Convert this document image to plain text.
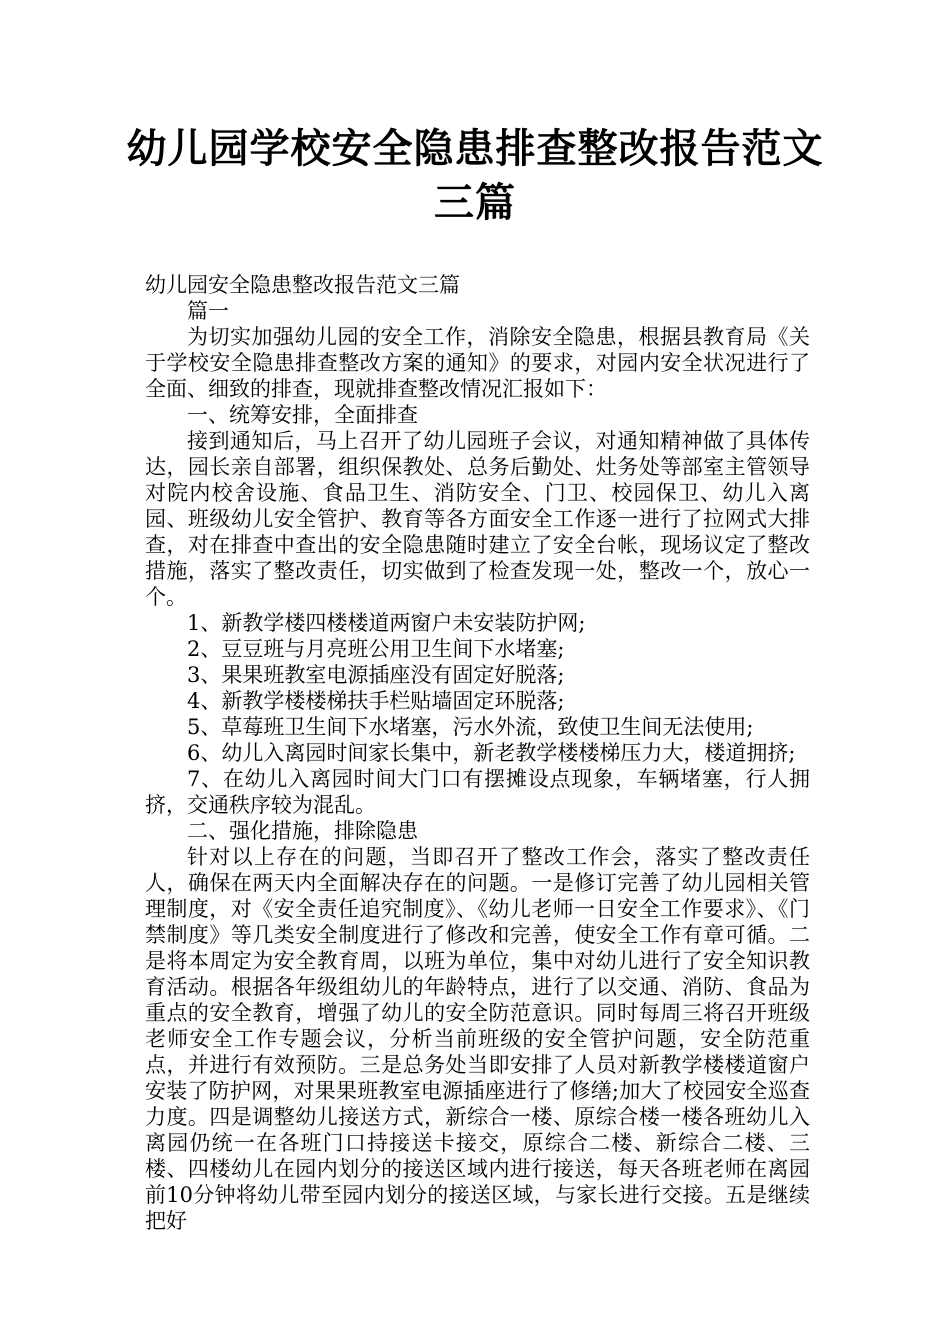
幼儿园学校安全隐患排查整改报告范文三篇

幼儿园安全隐患整改报告范文三篇

篇一

为切实加强幼儿园的安全工作，消除安全隐患，根据县教育局《关于学校安全隐患排查整改方案的通知》的要求，对园内安全状况进行了全面、细致的排查，现就排查整改情况汇报如下：

一、统筹安排，全面排查

接到通知后，马上召开了幼儿园班子会议，对通知精神做了具体传达，园长亲自部署，组织保教处、总务后勤处、灶务处等部室主管领导对院内校舍设施、食品卫生、消防安全、门卫、校园保卫、幼儿入离园、班级幼儿安全管护、教育等各方面安全工作逐一进行了拉网式大排查，对在排查中查出的安全隐患随时建立了安全台帐，现场议定了整改措施，落实了整改责任，切实做到了检查发现一处，整改一个，放心一个。

1、新教学楼四楼楼道两窗户未安装防护网;

2、豆豆班与月亮班公用卫生间下水堵塞;

3、果果班教室电源插座没有固定好脱落;

4、新教学楼楼梯扶手栏贴墙固定环脱落;

5、草莓班卫生间下水堵塞，污水外流，致使卫生间无法使用;

6、幼儿入离园时间家长集中，新老教学楼楼梯压力大，楼道拥挤;

7、在幼儿入离园时间大门口有摆摊设点现象，车辆堵塞，行人拥挤，交通秩序较为混乱。

二、强化措施，排除隐患

针对以上存在的问题，当即召开了整改工作会，落实了整改责任人，确保在两天内全面解决存在的问题。一是修订完善了幼儿园相关管理制度，对《安全责任追究制度》、《幼儿老师一日安全工作要求》、《门禁制度》等几类安全制度进行了修改和完善，使安全工作有章可循。二是将本周定为安全教育周，以班为单位，集中对幼儿进行了安全知识教育活动。根据各年级组幼儿的年龄特点，进行了以交通、消防、食品为重点的安全教育，增强了幼儿的安全防范意识。同时每周三将召开班级老师安全工作专题会议，分析当前班级的安全管护问题，安全防范重点，并进行有效预防。三是总务处当即安排了人员对新教学楼楼道窗户安装了防护网，对果果班教室电源插座进行了修缮;加大了校园安全巡查力度。四是调整幼儿接送方式，新综合一楼、原综合楼一楼各班幼儿入离园仍统一在各班门口持接送卡接交，原综合二楼、新综合二楼、三楼、四楼幼儿在园内划分的接送区域内进行接送，每天各班老师在离园前10分钟将幼儿带至园内划分的接送区域，与家长进行交接。五是继续把好
